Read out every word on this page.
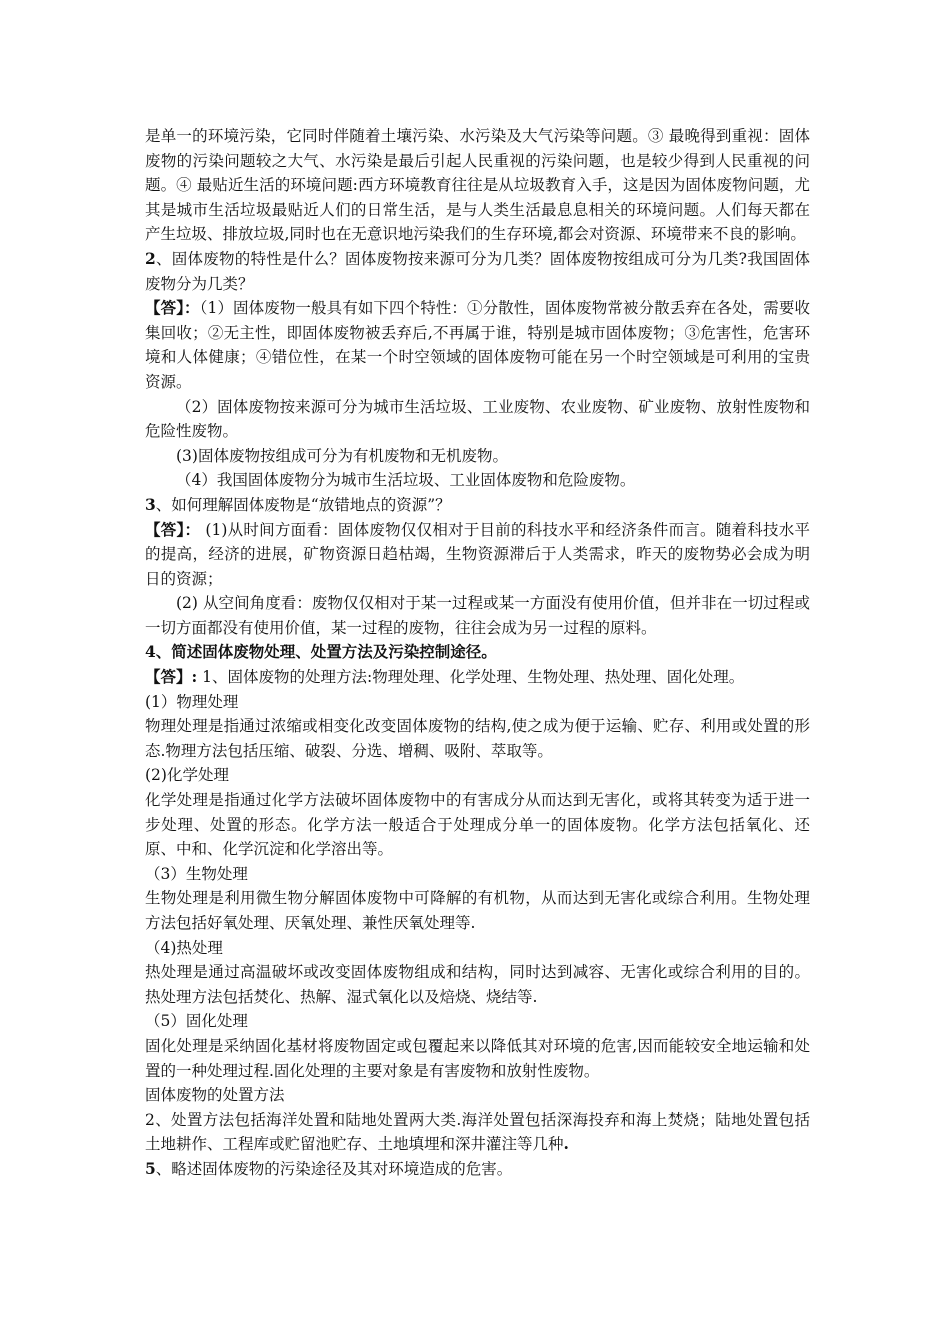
是单一的环境污染，它同时伴随着土壤污染、水污染及大气污染等问题。③ 最晚得到重视：固体废物的污染问题较之大气、水污染是最后引起人民重视的污染问题，也是较少得到人民重视的问题。④ 最贴近生活的环境问题:西方环境教育往往是从垃圾教育入手，这是因为固体废物问题，尤其是城市生活垃圾最贴近人们的日常生活，是与人类生活最息息相关的环境问题。人们每天都在产生垃圾、排放垃圾,同时也在无意识地污染我们的生存环境,都会对资源、环境带来不良的影响。

2、固体废物的特性是什么？固体废物按来源可分为几类？固体废物按组成可分为几类?我国固体废物分为几类？

【答】：（1）固体废物一般具有如下四个特性：①分散性，固体废物常被分散丢弃在各处，需要收集回收；②无主性，即固体废物被丢弃后,不再属于谁，特别是城市固体废物；③危害性，危害环境和人体健康；④错位性，在某一个时空领域的固体废物可能在另一个时空领域是可利用的宝贵资源。

（2）固体废物按来源可分为城市生活垃圾、工业废物、农业废物、矿业废物、放射性废物和危险性废物。

(3)固体废物按组成可分为有机废物和无机废物。

（4）我国固体废物分为城市生活垃圾、工业固体废物和危险废物。

3、如何理解固体废物是“放错地点的资源”？

【答】： (1)从时间方面看：固体废物仅仅相对于目前的科技水平和经济条件而言。随着科技水平的提高，经济的进展，矿物资源日趋枯竭，生物资源滞后于人类需求，昨天的废物势必会成为明日的资源；

(2) 从空间角度看：废物仅仅相对于某一过程或某一方面没有使用价值，但并非在一切过程或一切方面都没有使用价值，某一过程的废物，往往会成为另一过程的原料。

4、简述固体废物处理、处置方法及污染控制途径。

【答】: 1、固体废物的处理方法:物理处理、化学处理、生物处理、热处理、固化处理。

(1）物理处理

物理处理是指通过浓缩或相变化改变固体废物的结构,使之成为便于运输、贮存、利用或处置的形态.物理方法包括压缩、破裂、分选、增稠、吸附、萃取等。

(2)化学处理

化学处理是指通过化学方法破坏固体废物中的有害成分从而达到无害化，或将其转变为适于进一步处理、处置的形态。化学方法一般适合于处理成分单一的固体废物。化学方法包括氧化、还原、中和、化学沉淀和化学溶出等。

（3）生物处理

生物处理是利用微生物分解固体废物中可降解的有机物，从而达到无害化或综合利用。生物处理方法包括好氧处理、厌氧处理、兼性厌氧处理等.

（4)热处理

热处理是通过高温破坏或改变固体废物组成和结构，同时达到减容、无害化或综合利用的目的。热处理方法包括焚化、热解、湿式氧化以及焙烧、烧结等.

（5）固化处理

固化处理是采纳固化基材将废物固定或包覆起来以降低其对环境的危害,因而能较安全地运输和处置的一种处理过程.固化处理的主要对象是有害废物和放射性废物。

固体废物的处置方法

2、处置方法包括海洋处置和陆地处置两大类.海洋处置包括深海投弃和海上焚烧；陆地处置包括土地耕作、工程库或贮留池贮存、土地填埋和深井灌注等几种.

5、略述固体废物的污染途径及其对环境造成的危害。
